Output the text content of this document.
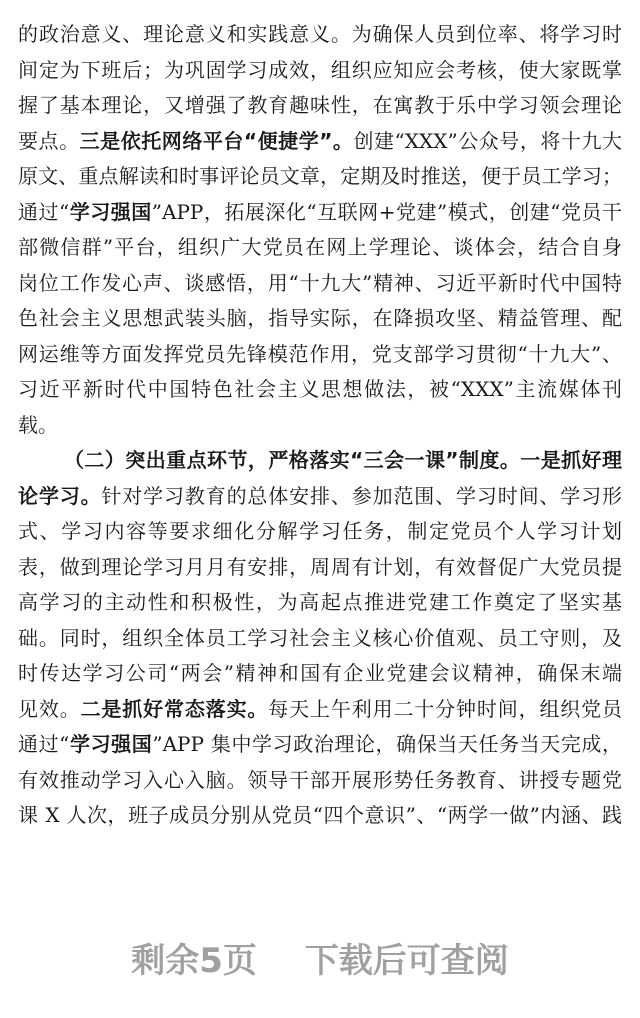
的政治意义、理论意义和实践意义。为确保人员到位率、将学习时
间定为下班后；为巩固学习成效，组织应知应会考核，使大家既掌
握了基本理论，又增强了教育趣味性，在寓教于乐中学习领会理论
要点。三是依托网络平台“便捷学”。创建“XXX”公众号，将十九大
原文、重点解读和时事评论员文章，定期及时推送，便于员工学习；
通过“学习强国”APP，拓展深化“互联网+党建”模式，创建“党员干
部微信群”平台，组织广大党员在网上学理论、谈体会，结合自身
岗位工作发心声、谈感悟，用“十九大”精神、习近平新时代中国特
色社会主义思想武装头脑，指导实际，在降损攻坚、精益管理、配
网运维等方面发挥党员先锋模范作用，党支部学习贯彻“十九大”、
习近平新时代中国特色社会主义思想做法，被“XXX”主流媒体刊
载。
（二）突出重点环节，严格落实“三会一课”制度。一是抓好理
论学习。针对学习教育的总体安排、参加范围、学习时间、学习形
式、学习内容等要求细化分解学习任务，制定党员个人学习计划
表，做到理论学习月月有安排，周周有计划，有效督促广大党员提
高学习的主动性和积极性，为高起点推进党建工作奠定了坚实基
础。同时，组织全体员工学习社会主义核心价值观、员工守则，及
时传达学习公司“两会”精神和国有企业党建会议精神，确保末端
见效。二是抓好常态落实。每天上午利用二十分钟时间，组织党员
通过“学习强国”APP 集中学习政治理论，确保当天任务当天完成，
有效推动学习入心入脑。领导干部开展形势任务教育、讲授专题党
课 X 人次，班子成员分别从党员“四个意识”、“两学一做”内涵、践
剩余5页 下载后可查阅
